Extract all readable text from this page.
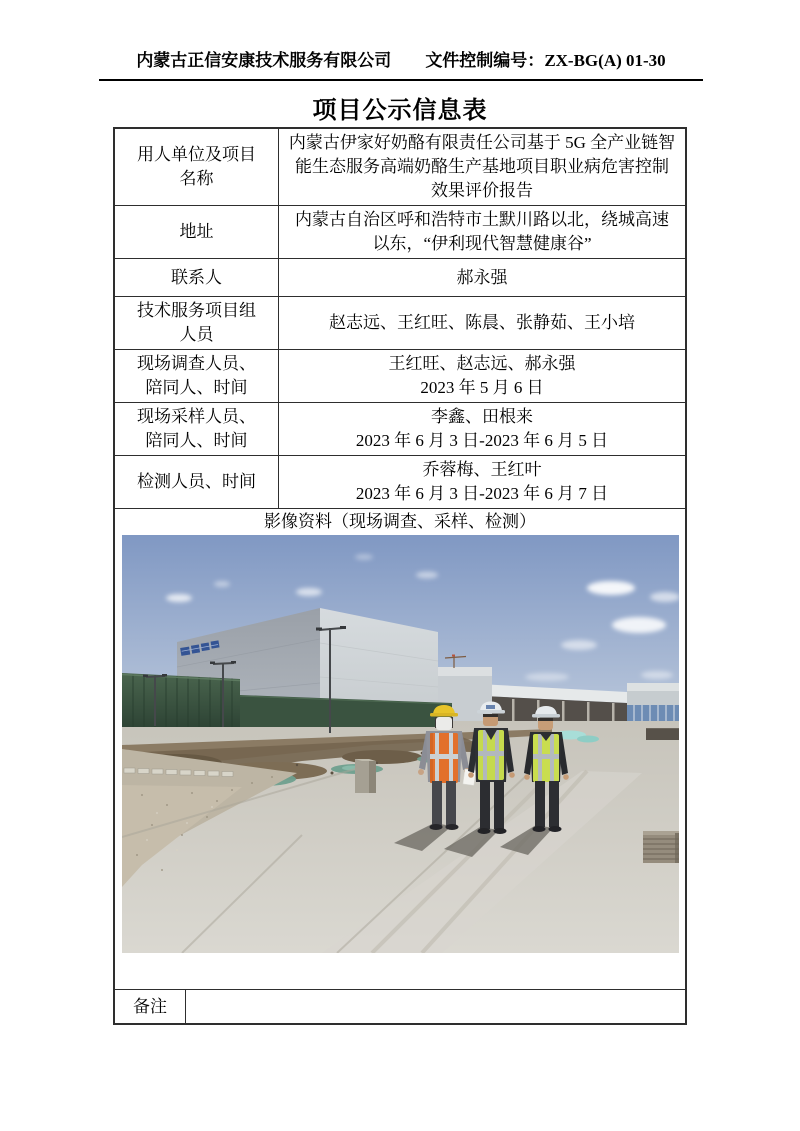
内蒙古正信安康技术服务有限公司 文件控制编号：ZX-BG(A) 01-30
项目公示信息表
用人单位及项目名称
内蒙古伊家好奶酪有限责任公司基于 5G 全产业链智能生态服务高端奶酪生产基地项目职业病危害控制效果评价报告
地址
内蒙古自治区呼和浩特市土默川路以北，绕城高速以东，“伊利现代智慧健康谷”
联系人	郝永强
技术服务项目组人员
赵志远、王红旺、陈晨、张静茹、王小培
现场调查人员、陪同人、时间
王红旺、赵志远、郝永强
2023 年 5 月 6 日
现场采样人员、陪同人、时间
李鑫、田根来
2023 年 6 月 3 日-2023 年 6 月 5 日
检测人员、时间
乔蓉梅、王红叶
2023 年 6 月 3 日-2023 年 6 月 7 日
影像资料（现场调查、采样、检测）
备注
